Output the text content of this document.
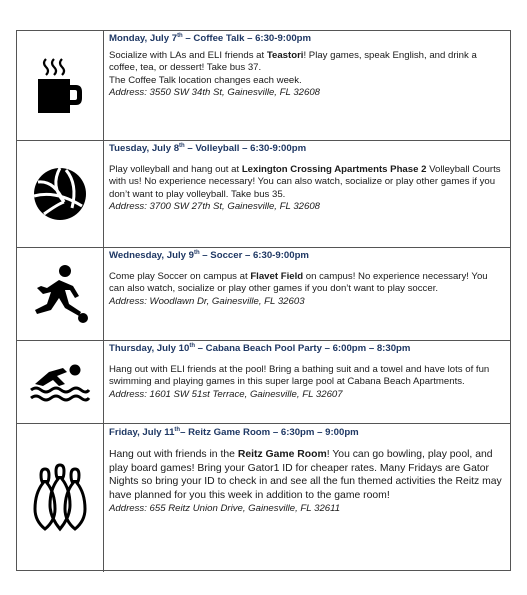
Monday, July 7th – Coffee Talk – 6:30-9:00pm

Socialize with LAs and ELI friends at Teastori! Play games, speak English, and drink a coffee, tea, or dessert! Take bus 37.

The Coffee Talk location changes each week.

Address: 3550 SW 34th St, Gainesville, FL 32608

Tuesday, July 8th – Volleyball – 6:30-9:00pm

Play volleyball and hang out at Lexington Crossing Apartments Phase 2 Volleyball Courts with us! No experience necessary! You can also watch, socialize or play other games if you don’t want to play volleyball. Take bus 35.

Address: 3700 SW 27th St, Gainesville, FL 32608

Wednesday, July 9th – Soccer – 6:30-9:00pm

Come play Soccer on campus at Flavet Field on campus! No experience necessary! You can also watch, socialize or play other games if you don’t want to play soccer.

Address: Woodlawn Dr, Gainesville, FL 32603

Thursday, July 10th – Cabana Beach Pool Party – 6:00pm – 8:30pm

Hang out with ELI friends at the pool! Bring a bathing suit and a towel and have lots of fun swimming and playing games in this super large pool at Cabana Beach Apartments.

Address: 1601 SW 51st Terrace, Gainesville, FL 32607

Friday, July 11th– Reitz Game Room – 6:30pm – 9:00pm

Hang out with friends in the Reitz Game Room! You can go bowling, play pool, and play board games! Bring your Gator1 ID for cheaper rates. Many Fridays are Gator Nights so bring your ID to check in and see all the fun themed activities the Reitz may have planned for you this week in addition to the game room!

Address: 655 Reitz Union Drive, Gainesville, FL 32611
